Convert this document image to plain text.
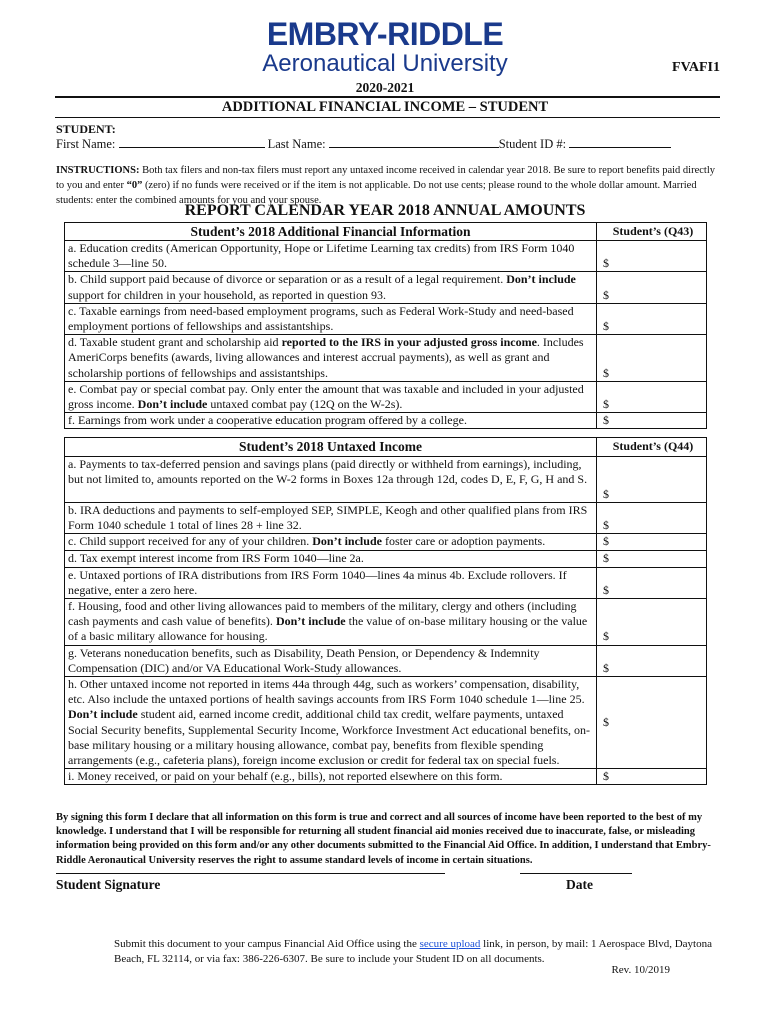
EMBRY-RIDDLE
Aeronautical University	FVAFI1
2020-2021
ADDITIONAL FINANCIAL INCOME – STUDENT
STUDENT:
First Name:	Last Name:	Student ID #:
INSTRUCTIONS: Both tax filers and non-tax filers must report any untaxed income received in calendar year 2018. Be sure to report benefits paid directly to you and enter “0” (zero) if no funds were received or if the item is not applicable. Do not use cents; please round to the whole dollar amount. Married students: enter the combined amounts for you and your spouse.
REPORT CALENDAR YEAR 2018 ANNUAL AMOUNTS
Student’s 2018 Additional Financial Information	Student’s (Q43)
a. Education credits (American Opportunity, Hope or Lifetime Learning tax credits) from IRS Form 1040 schedule 3—line 50.	$
b. Child support paid because of divorce or separation or as a result of a legal requirement. Don’t include support for children in your household, as reported in question 93.	$
c. Taxable earnings from need-based employment programs, such as Federal Work-Study and need-based employment portions of fellowships and assistantships.	$
d. Taxable student grant and scholarship aid reported to the IRS in your adjusted gross income. Includes AmeriCorps benefits (awards, living allowances and interest accrual payments), as well as grant and scholarship portions of fellowships and assistantships.	$
e. Combat pay or special combat pay. Only enter the amount that was taxable and included in your adjusted gross income. Don’t include untaxed combat pay (12Q on the W-2s).	$
f. Earnings from work under a cooperative education program offered by a college.	$
Student’s 2018 Untaxed Income	Student’s (Q44)
a. Payments to tax-deferred pension and savings plans (paid directly or withheld from earnings), including, but not limited to, amounts reported on the W-2 forms in Boxes 12a through 12d, codes D, E, F, G, H and S.	$
b. IRA deductions and payments to self-employed SEP, SIMPLE, Keogh and other qualified plans from IRS Form 1040 schedule 1 total of lines 28 + line 32.	$
c. Child support received for any of your children. Don’t include foster care or adoption payments.	$
d. Tax exempt interest income from IRS Form 1040—line 2a.	$
e. Untaxed portions of IRA distributions from IRS Form 1040—lines 4a minus 4b. Exclude rollovers. If negative, enter a zero here.	$
f. Housing, food and other living allowances paid to members of the military, clergy and others (including cash payments and cash value of benefits). Don’t include the value of on-base military housing or the value of a basic military allowance for housing.	$
g. Veterans noneducation benefits, such as Disability, Death Pension, or Dependency & Indemnity Compensation (DIC) and/or VA Educational Work-Study allowances.	$
h. Other untaxed income not reported in items 44a through 44g, such as workers’ compensation, disability, etc. Also include the untaxed portions of health savings accounts from IRS Form 1040 schedule 1—line 25. Don’t include student aid, earned income credit, additional child tax credit, welfare payments, untaxed Social Security benefits, Supplemental Security Income, Workforce Investment Act educational benefits, on-base military housing or a military housing allowance, combat pay, benefits from flexible spending arrangements (e.g., cafeteria plans), foreign income exclusion or credit for federal tax on special fuels.	$
i. Money received, or paid on your behalf (e.g., bills), not reported elsewhere on this form.	$
By signing this form I declare that all information on this form is true and correct and all sources of income have been reported to the best of my knowledge. I understand that I will be responsible for returning all student financial aid monies received due to inaccurate, false, or misleading information being provided on this form and/or any other documents submitted to the Financial Aid Office. In addition, I understand that Embry-Riddle Aeronautical University reserves the right to assume standard levels of income in certain situations.
Student Signature	Date
Submit this document to your campus Financial Aid Office using the secure upload link, in person, by mail: 1 Aerospace Blvd, Daytona Beach, FL 32114, or via fax: 386-226-6307. Be sure to include your Student ID on all documents.
Rev. 10/2019
